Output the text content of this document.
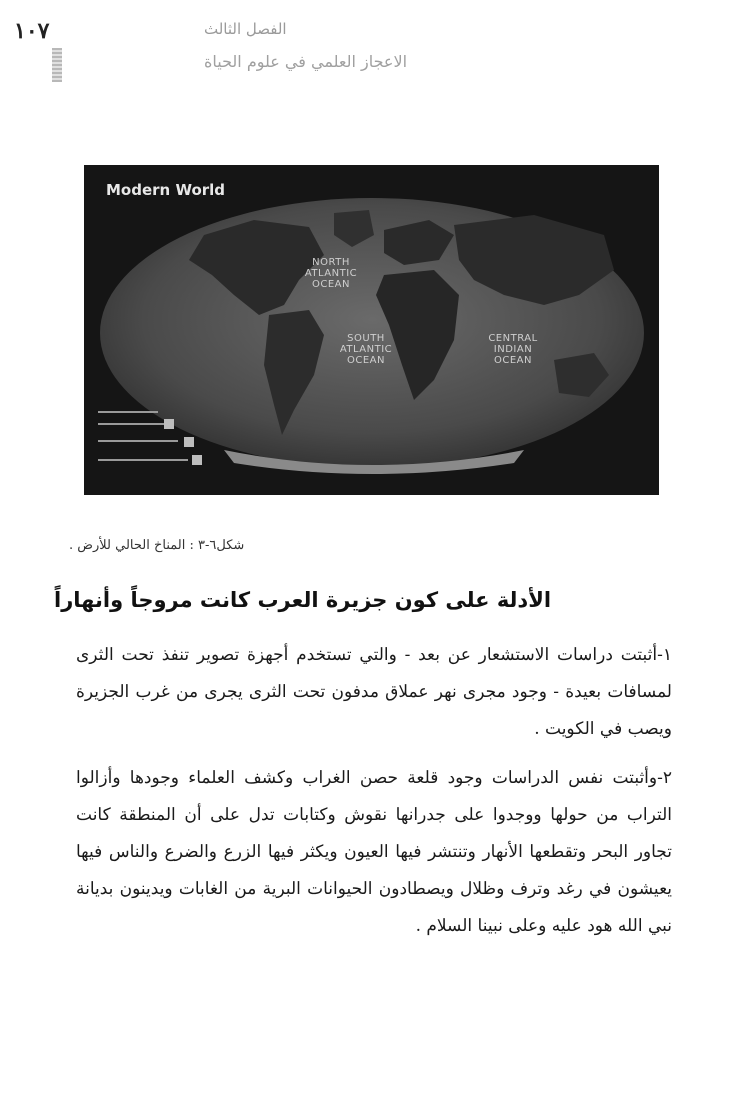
١٠٧	الفصل الثالث
الاعجاز العلمي في علوم الحياة
Modern World
NORTH ATLANTIC OCEAN
SOUTH ATLANTIC OCEAN
CENTRAL INDIAN OCEAN
شكل٦-٣ : المناخ الحالي للأرض .
الأدلة على كون جزيرة العرب كانت مروجاً وأنهاراً

١-أثبتت دراسات الاستشعار عن بعد - والتي تستخدم أجهزة تصوير تنفذ تحت الثرى لمسافات بعيدة - وجود مجرى نهر عملاق مدفون تحت الثرى يجرى من غرب الجزيرة ويصب في الكويت .

٢-وأثبتت نفس الدراسات وجود قلعة حصن الغراب وكشف العلماء وجودها وأزالوا التراب من حولها ووجدوا على جدرانها نقوش وكتابات تدل على أن المنطقة كانت تجاور البحر وتقطعها الأنهار وتنتشر فيها العيون ويكثر فيها الزرع والضرع والناس فيها يعيشون في رغد وترف وظلال ويصطادون الحيوانات البرية من الغابات ويدينون بديانة نبي الله هود عليه وعلى نبينا السلام .
